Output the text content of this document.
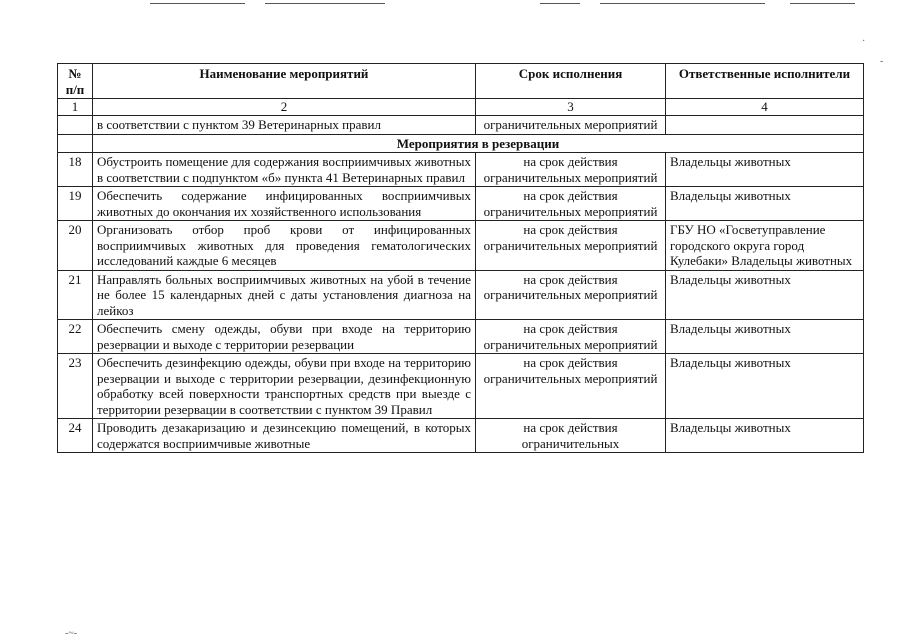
·
-
-~-
№ п/п	Наименование мероприятий	Срок исполнения	Ответственные исполнители
1	2	3	4
	в соответствии с пунктом 39 Ветеринарных правил	ограничительных мероприятий	
	Мероприятия в резервации		
18	Обустроить помещение для содержания восприимчивых животных в соответствии с подпунктом «б» пункта 41 Ветеринарных правил	на срок действия ограничительных мероприятий	Владельцы животных
19	Обеспечить содержание инфицированных восприимчивых животных до окончания их хозяйственного использования	на срок действия ограничительных мероприятий	Владельцы животных
20	Организовать отбор проб крови от инфицированных восприимчивых животных для проведения гематологических исследований каждые 6 месяцев	на срок действия ограничительных мероприятий	ГБУ НО «Госветуправление городского округа город Кулебаки» Владельцы животных
21	Направлять больных восприимчивых животных на убой в течение не более 15 календарных дней с даты установления диагноза на лейкоз	на срок действия ограничительных мероприятий	Владельцы животных
22	Обеспечить смену одежды, обуви при входе на территорию резервации и выходе с территории резервации	на срок действия ограничительных мероприятий	Владельцы животных
23	Обеспечить дезинфекцию одежды, обуви при входе на территорию резервации и выходе с территории резервации, дезинфекционную обработку всей поверхности транспортных средств при выезде с территории резервации в соответствии с пунктом 39 Правил	на срок действия ограничительных мероприятий	Владельцы животных
24	Проводить дезакаризацию и дезинсекцию помещений, в которых содержатся восприимчивые животные	на срок действия ограничительных	Владельцы животных
